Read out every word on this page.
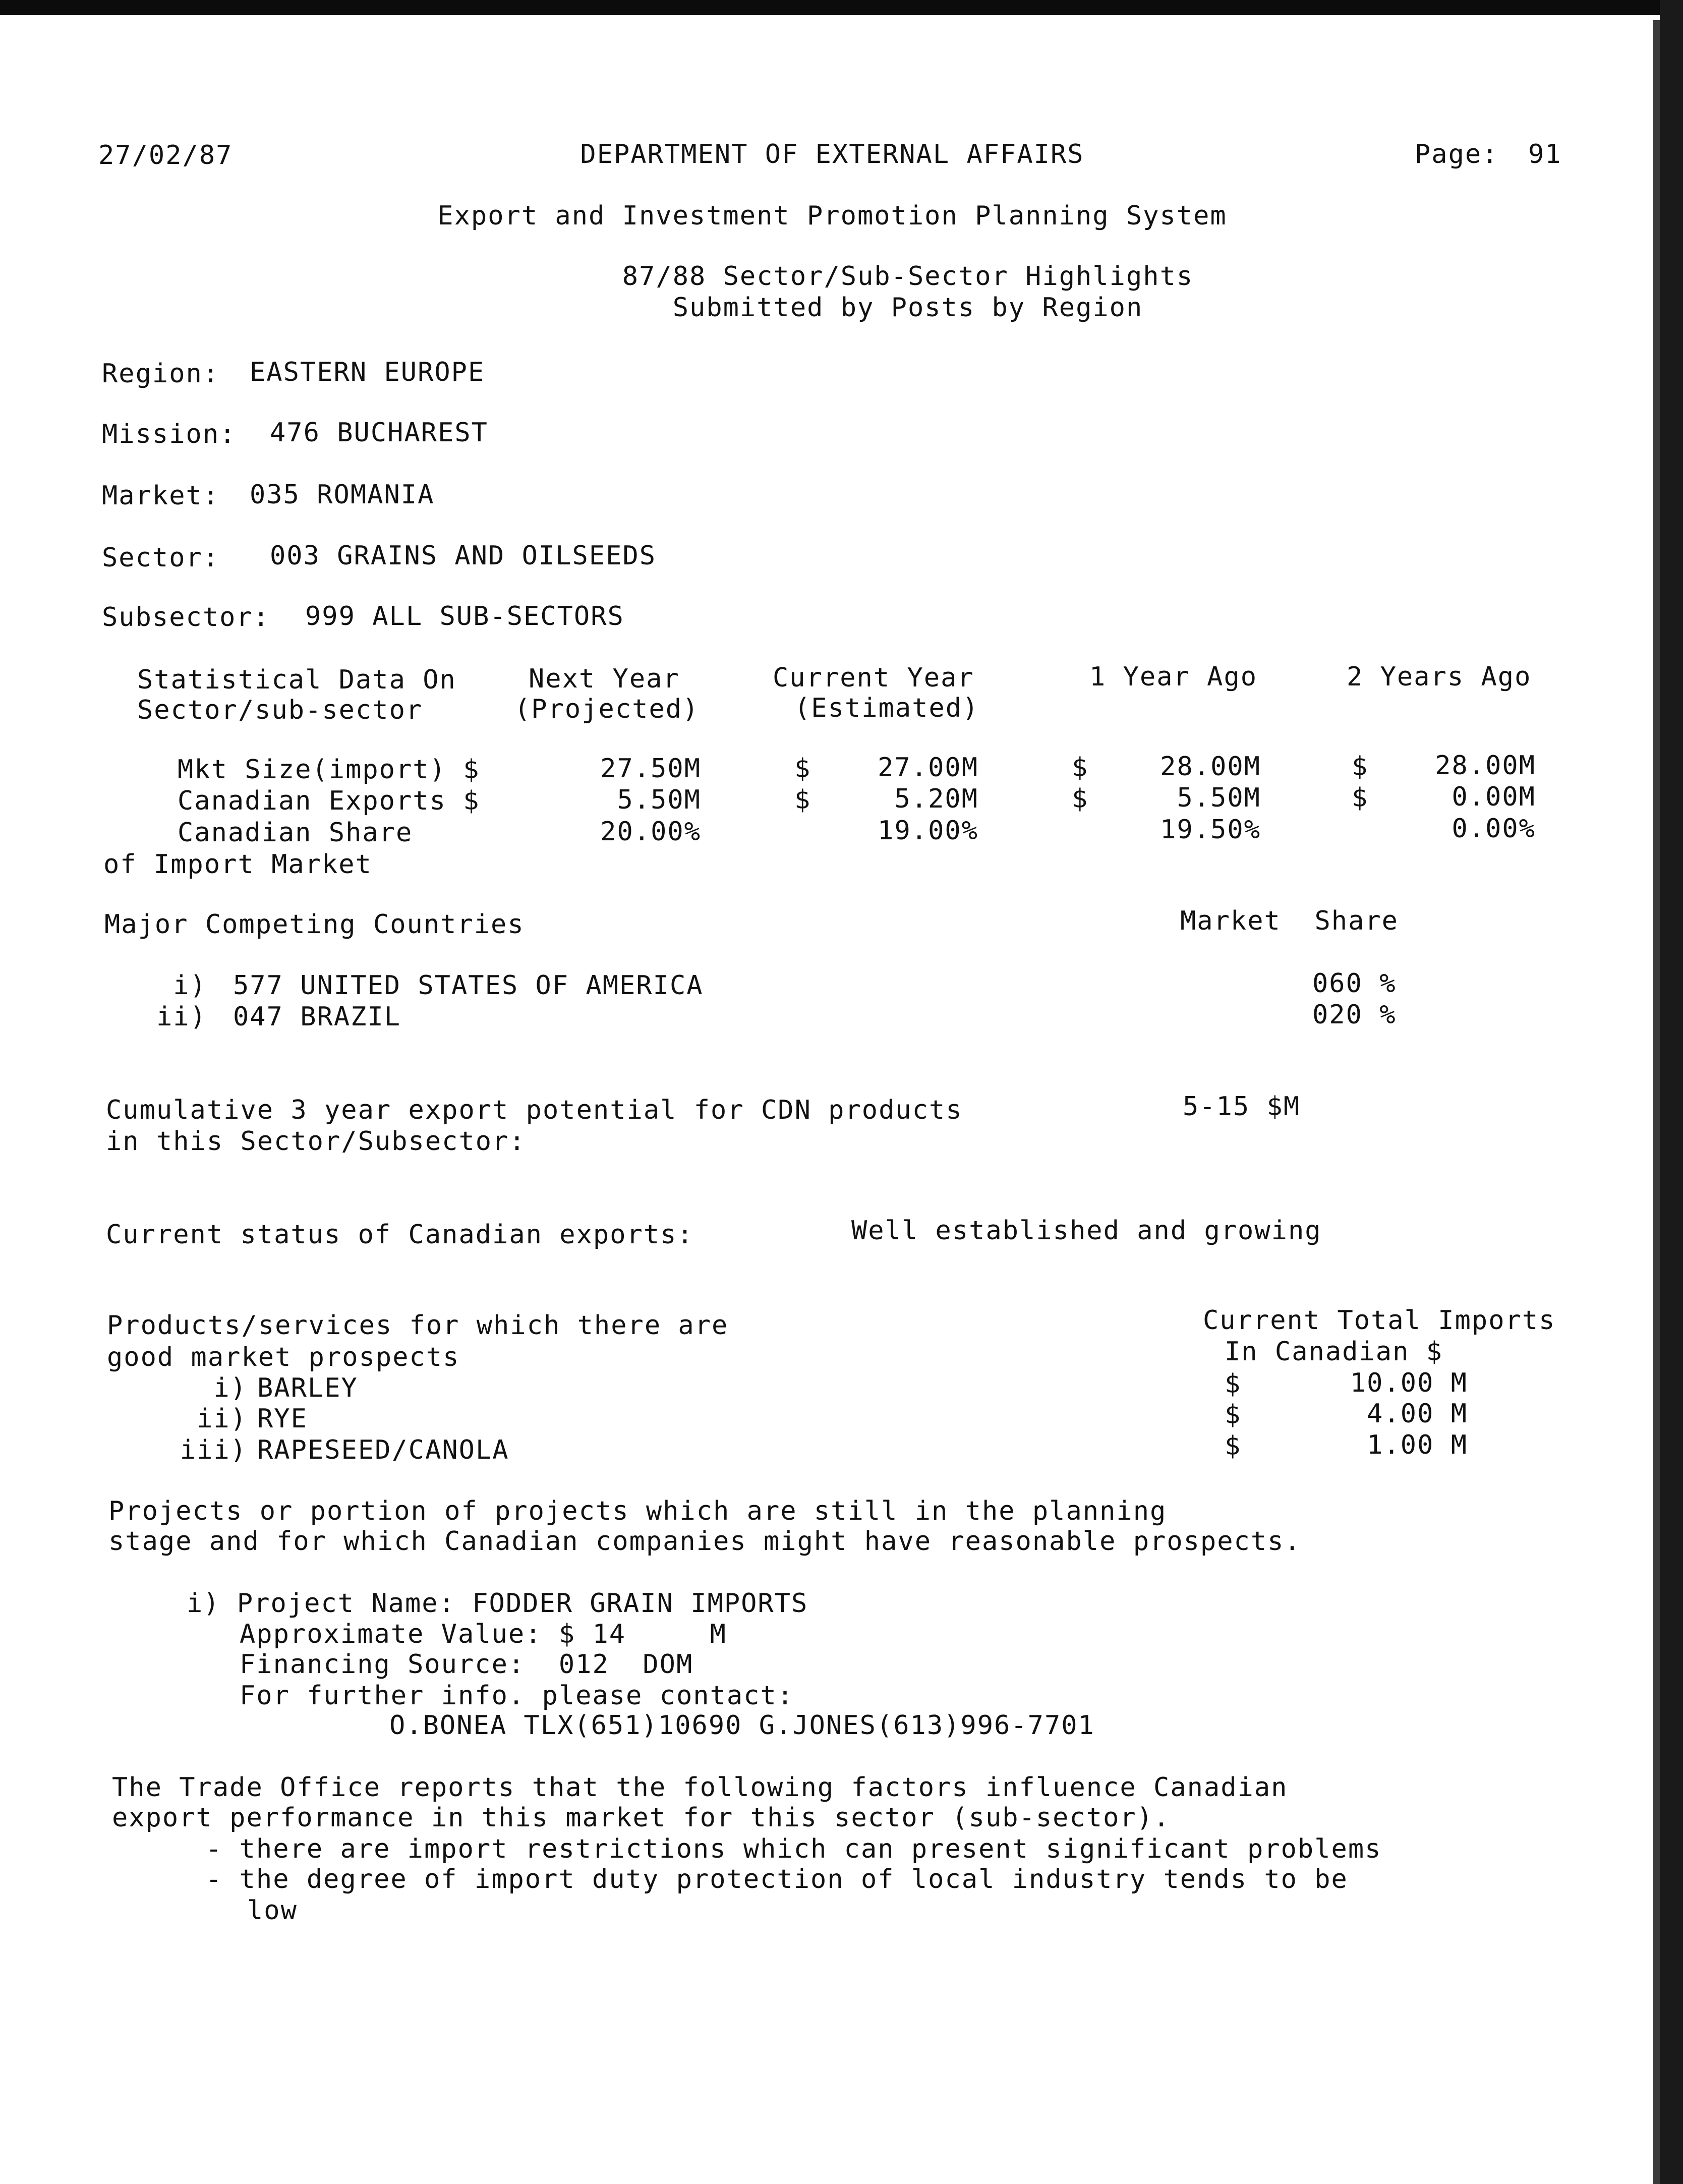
27/02/87	DEPARTMENT OF EXTERNAL AFFAIRS	Page: 91
Export and Investment Promotion Planning System
87/88 Sector/Sub-Sector Highlights
Submitted by Posts by Region
Region: EASTERN EUROPE
Mission: 476 BUCHAREST
Market: 035 ROMANIA
Sector: 003 GRAINS AND OILSEEDS
Subsector: 999 ALL SUB-SECTORS
Statistical Data On
Sector/sub-sector
Next Year
(Projected)
Current Year
(Estimated)
1 Year Ago	2 Years Ago
Mkt Size(import) $	27.50M	$	27.00M	$	28.00M	$	28.00M
Canadian Exports $	5.50M	$	5.20M	$	5.50M	$	0.00M
Canadian Share	20.00%	19.00%	19.50%	0.00%
of Import Market
Major Competing Countries	Market  Share
i) 577 UNITED STATES OF AMERICA	060 %
ii) 047 BRAZIL	020 %
Cumulative 3 year export potential for CDN products
in this Sector/Subsector:
5-15 $M
Current status of Canadian exports:	Well established and growing
Products/services for which there are
good market prospects
Current Total Imports
In Canadian $
i) BARLEY	$	10.00 M
ii) RYE	$	4.00 M
iii) RAPESEED/CANOLA	$	1.00 M
Projects or portion of projects which are still in the planning
stage and for which Canadian companies might have reasonable prospects.
i) Project Name: FODDER GRAIN IMPORTS
Approximate Value: $ 14     M
Financing Source:  012  DOM
For further info. please contact:
O.BONEA TLX(651)10690 G.JONES(613)996-7701
The Trade Office reports that the following factors influence Canadian
export performance in this market for this sector (sub-sector).
- there are import restrictions which can present significant problems
- the degree of import duty protection of local industry tends to be
low
